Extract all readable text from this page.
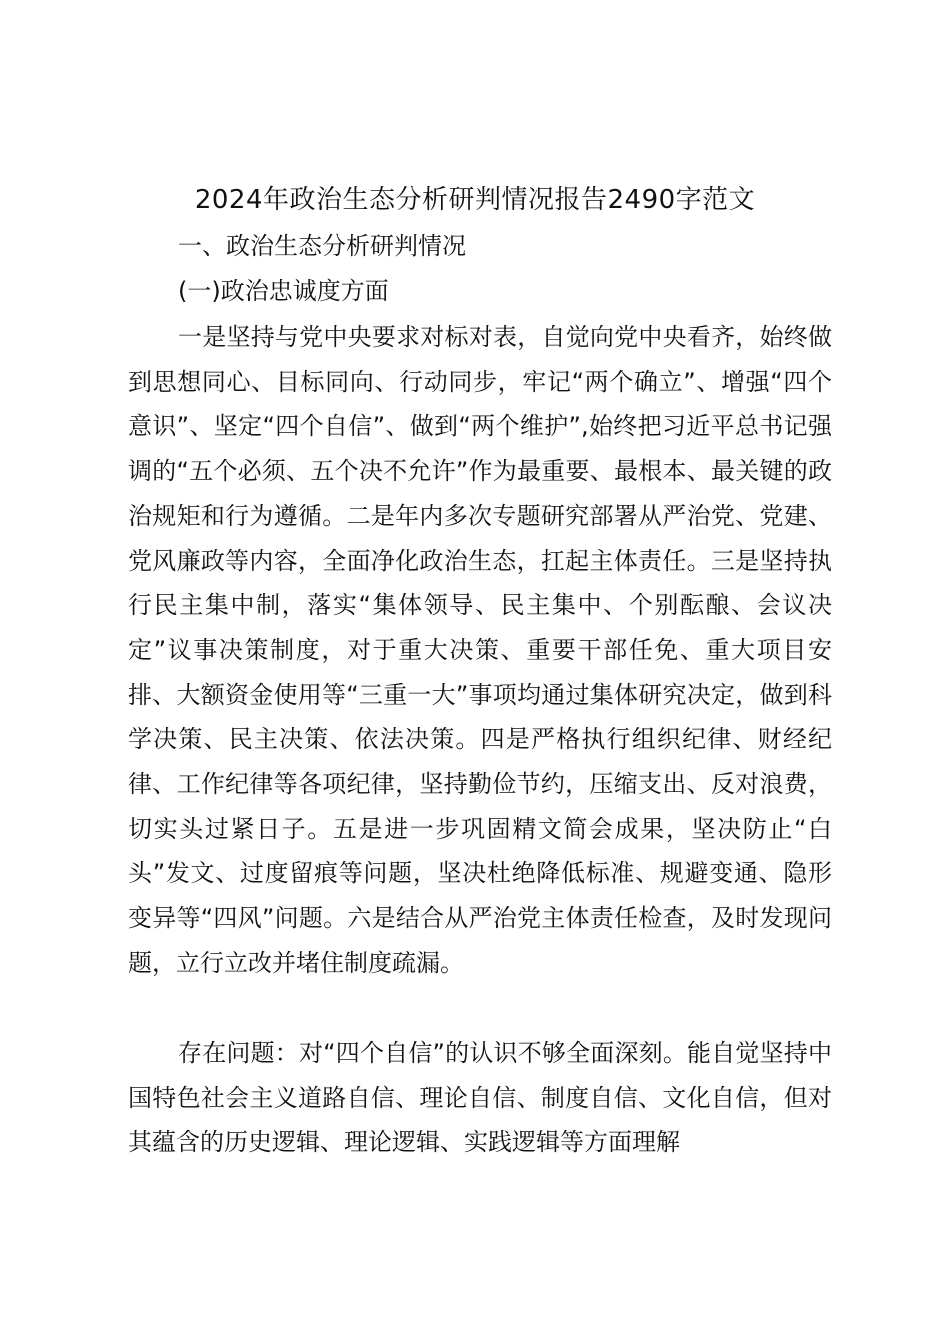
2024年政治生态分析研判情况报告2490字范文
一、政治生态分析研判情况
(一)政治忠诚度方面

一是坚持与党中央要求对标对表，自觉向党中央看齐，始终做到思想同心、目标同向、行动同步，牢记“两个确立”、增强“四个意识”、坚定“四个自信”、做到“两个维护”,始终把习近平总书记强调的“五个必须、五个决不允许”作为最重要、最根本、最关键的政治规矩和行为遵循。二是年内多次专题研究部署从严治党、党建、党风廉政等内容，全面净化政治生态，扛起主体责任。三是坚持执行民主集中制，落实“集体领导、民主集中、个别酝酿、会议决定”议事决策制度，对于重大决策、重要干部任免、重大项目安排、大额资金使用等“三重一大”事项均通过集体研究决定，做到科学决策、民主决策、依法决策。四是严格执行组织纪律、财经纪律、工作纪律等各项纪律，坚持勤俭节约，压缩支出、反对浪费，切实头过紧日子。五是进一步巩固精文简会成果，坚决防止“白头”发文、过度留痕等问题，坚决杜绝降低标准、规避变通、隐形变异等“四风”问题。六是结合从严治党主体责任检查，及时发现问题，立行立改并堵住制度疏漏。

存在问题：对“四个自信”的认识不够全面深刻。能自觉坚持中国特色社会主义道路自信、理论自信、制度自信、文化自信，但对其蕴含的历史逻辑、理论逻辑、实践逻辑等方面理解
